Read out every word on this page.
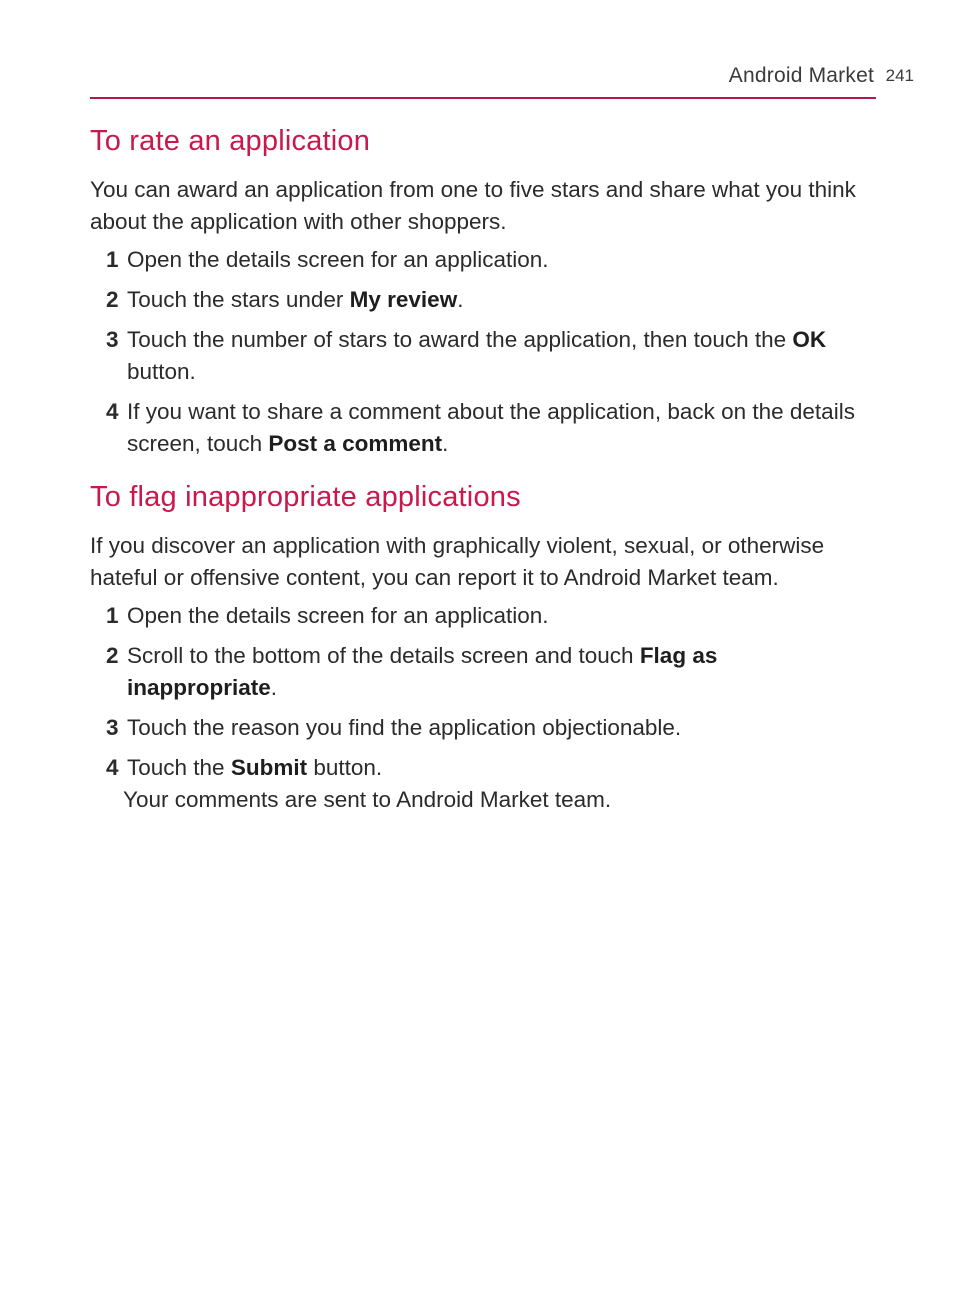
Android Market 241
To rate an application

You can award an application from one to five stars and share what you think about the application with other shoppers.

1 Open the details screen for an application.
2 Touch the stars under My review.
3 Touch the number of stars to award the application, then touch the OK button.
4 If you want to share a comment about the application, back on the details screen, touch Post a comment.
To flag inappropriate applications

If you discover an application with graphically violent, sexual, or otherwise hateful or offensive content, you can report it to Android Market team.

1 Open the details screen for an application.
2 Scroll to the bottom of the details screen and touch Flag as inappropriate.
3 Touch the reason you find the application objectionable.
4 Touch the Submit button.
Your comments are sent to Android Market team.
